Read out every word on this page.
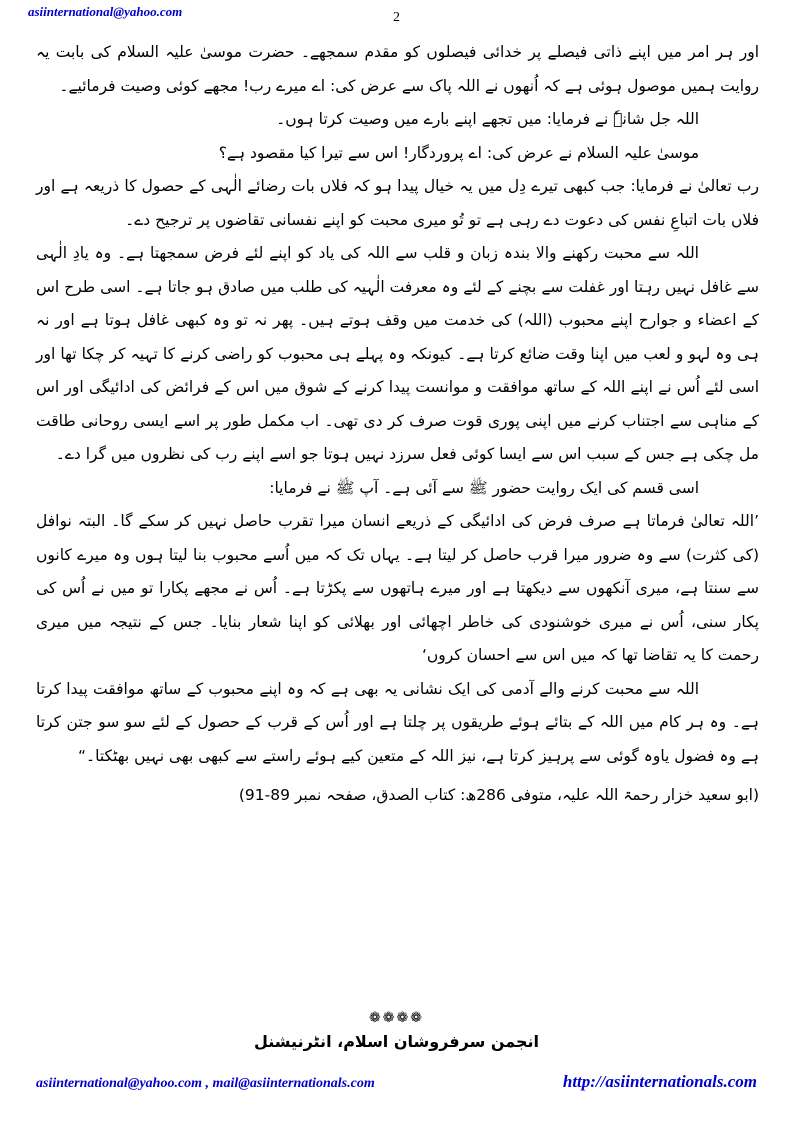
asiinternational@yahoo.com	2

اور ہر امر میں اپنے ذاتی فیصلے پر خدائی فیصلوں کو مقدم سمجھے۔ حضرت موسیٰ علیہ السلام کی بابت یہ روایت ہمیں موصول ہوئی ہے کہ اُنھوں نے اللہ پاک سے عرض کی: اے میرے رب! مجھے کوئی وصیت فرمائیے۔

اللہ جل شانہٗ نے فرمایا: میں تجھے اپنے بارے میں وصیت کرتا ہوں۔

موسیٰ علیہ السلام نے عرض کی: اے پروردگار! اس سے تیرا کیا مقصود ہے؟

رب تعالیٰ نے فرمایا: جب کبھی تیرے دِل میں یہ خیال پیدا ہو کہ فلاں بات رضائے الٰہی کے حصول کا ذریعہ ہے اور فلاں بات اتباعِ نفس کی دعوت دے رہی ہے تو تُو میری محبت کو اپنے نفسانی تقاضوں پر ترجیح دے۔

اللہ سے محبت رکھنے والا بندہ زبان و قلب سے اللہ کی یاد کو اپنے لئے فرض سمجھتا ہے۔ وہ یادِ الٰہی سے غافل نہیں رہتا اور غفلت سے بچنے کے لئے وہ معرفت الٰہیہ کی طلب میں صادق ہو جاتا ہے۔ اسی طرح اس کے اعضاء و جوارح اپنے محبوب (اللہ) کی خدمت میں وقف ہوتے ہیں۔ پھر نہ تو وہ کبھی غافل ہوتا ہے اور نہ ہی وہ لہو و لعب میں اپنا وقت ضائع کرتا ہے۔ کیونکہ وہ پہلے ہی محبوب کو راضی کرنے کا تہیہ کر چکا تھا اور اسی لئے اُس نے اپنے اللہ کے ساتھ موافقت و موانست پیدا کرنے کے شوق میں اس کے فرائض کی ادائیگی اور اس کے مناہی سے اجتناب کرنے میں اپنی پوری قوت صرف کر دی تھی۔ اب مکمل طور پر اسے ایسی روحانی طاقت مل چکی ہے جس کے سبب اس سے ایسا کوئی فعل سرزد نہیں ہوتا جو اسے اپنے رب کی نظروں میں گرا دے۔

اسی قسم کی ایک روایت حضور ﷺ سے آئی ہے۔ آپ ﷺ نے فرمایا:

’اللہ تعالیٰ فرماتا ہے صرف فرض کی ادائیگی کے ذریعے انسان میرا تقرب حاصل نہیں کر سکے گا۔ البتہ نوافل (کی کثرت) سے وہ ضرور میرا قرب حاصل کر لیتا ہے۔ یہاں تک کہ میں اُسے محبوب بنا لیتا ہوں وہ میرے کانوں سے سنتا ہے، میری آنکھوں سے دیکھتا ہے اور میرے ہاتھوں سے پکڑتا ہے۔ اُس نے مجھے پکارا تو میں نے اُس کی پکار سنی، اُس نے میری خوشنودی کی خاطر اچھائی اور بھلائی کو اپنا شعار بنایا۔ جس کے نتیجہ میں میری رحمت کا یہ تقاضا تھا کہ میں اس سے احسان کروں‘

اللہ سے محبت کرنے والے آدمی کی ایک نشانی یہ بھی ہے کہ وہ اپنے محبوب کے ساتھ موافقت پیدا کرتا ہے۔ وہ ہر کام میں اللہ کے بتائے ہوئے طریقوں پر چلتا ہے اور اُس کے قرب کے حصول کے لئے سو سو جتن کرتا ہے وہ فضول یاوہ گوئی سے پرہیز کرتا ہے، نیز اللہ کے متعین کیے ہوئے راستے سے کبھی بھی نہیں بھٹکتا۔“

(ابو سعید خزار رحمۃ اللہ علیہ، متوفی 286ھ: کتاب الصدق، صفحہ نمبر 89-91)

❁❁❁❁
انجمن سرفروشان اسلام، انٹرنیشنل
asiinternational@yahoo.com , mail@asiinternationals.com	http://asiinternationals.com
